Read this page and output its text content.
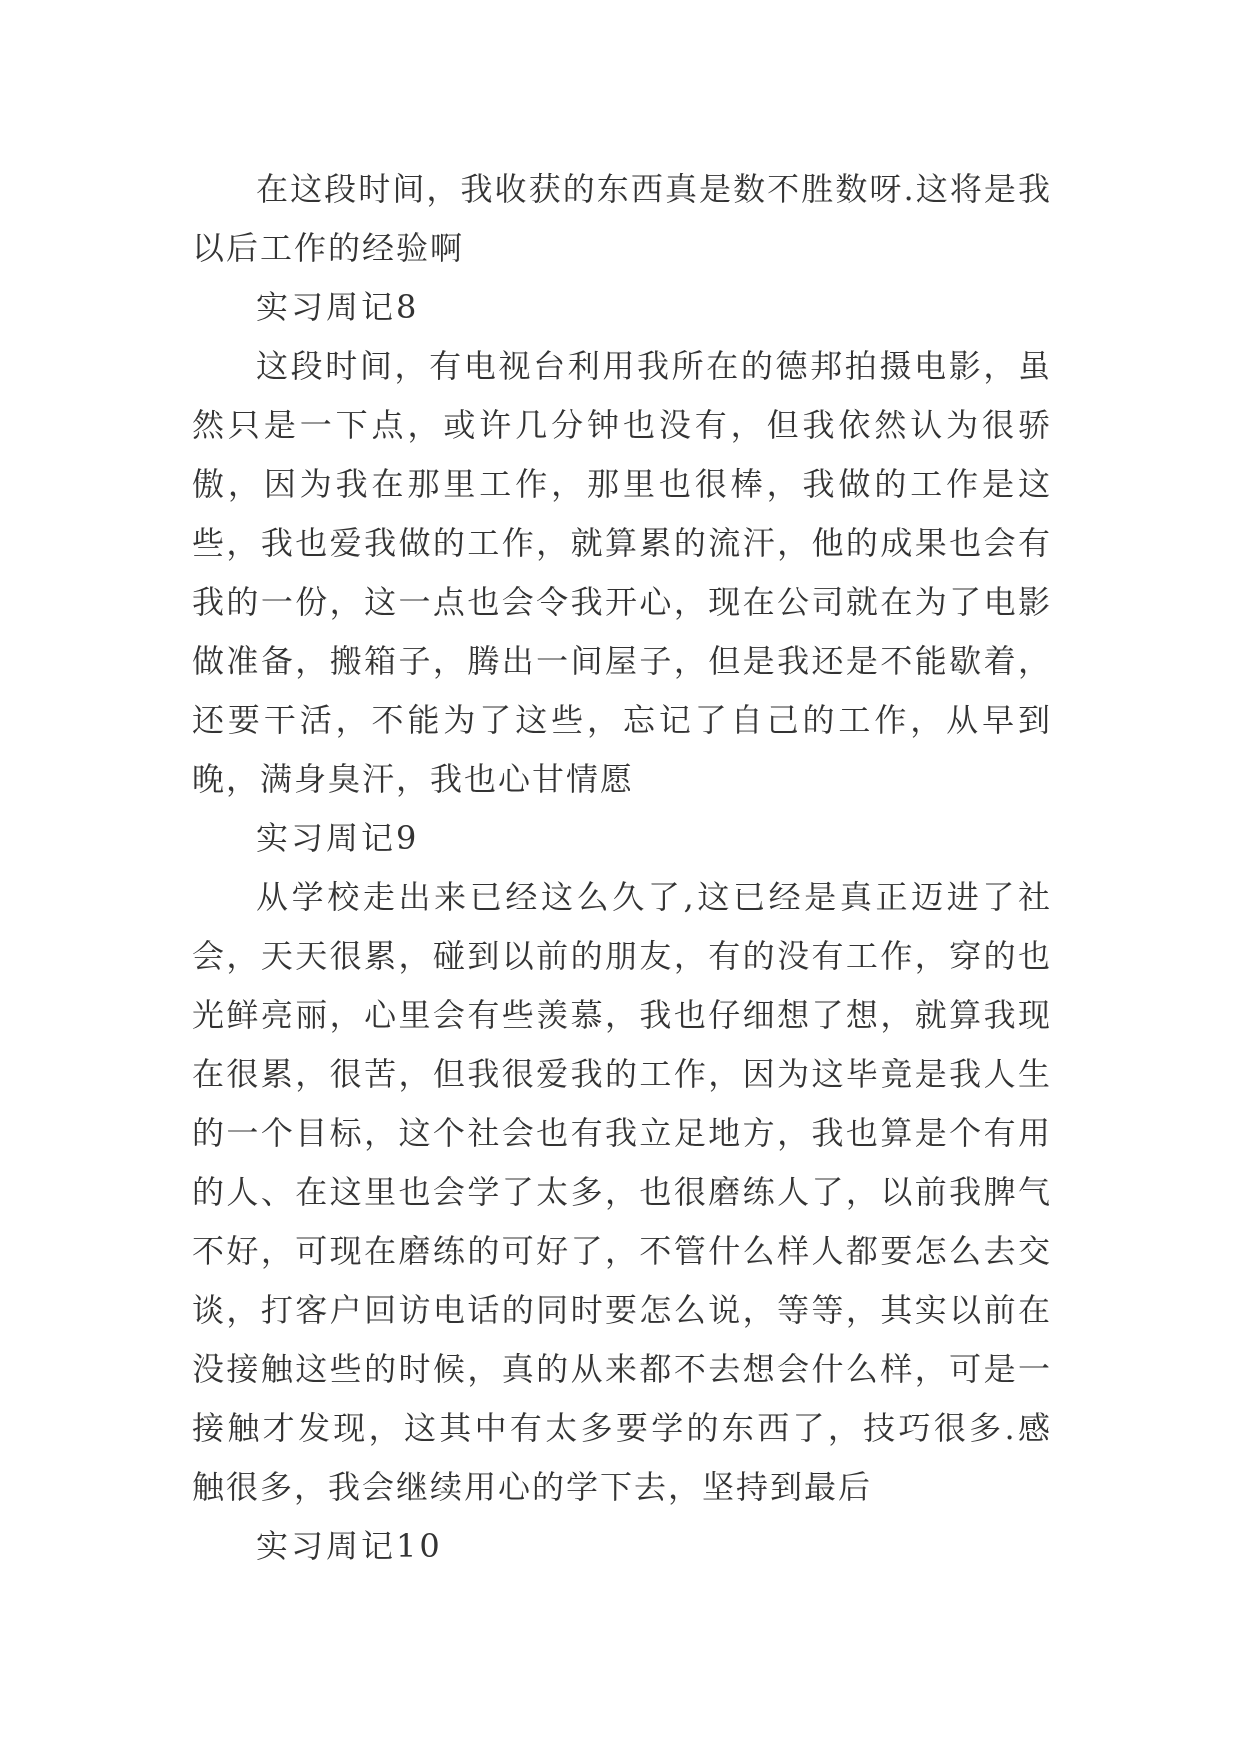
在这段时间，我收获的东西真是数不胜数呀.这将是我以后工作的经验啊

实习周记8

这段时间，有电视台利用我所在的德邦拍摄电影，虽然只是一下点，或许几分钟也没有，但我依然认为很骄傲，因为我在那里工作，那里也很棒，我做的工作是这些，我也爱我做的工作，就算累的流汗，他的成果也会有我的一份，这一点也会令我开心，现在公司就在为了电影做准备，搬箱子，腾出一间屋子，但是我还是不能歇着，还要干活，不能为了这些，忘记了自己的工作，从早到晚，满身臭汗，我也心甘情愿

实习周记9

从学校走出来已经这么久了,这已经是真正迈进了社会，天天很累，碰到以前的朋友，有的没有工作，穿的也光鲜亮丽，心里会有些羡慕，我也仔细想了想，就算我现在很累，很苦，但我很爱我的工作，因为这毕竟是我人生的一个目标，这个社会也有我立足地方，我也算是个有用的人、在这里也会学了太多，也很磨练人了，以前我脾气不好，可现在磨练的可好了，不管什么样人都要怎么去交谈，打客户回访电话的同时要怎么说，等等，其实以前在没接触这些的时候，真的从来都不去想会什么样，可是一接触才发现，这其中有太多要学的东西了，技巧很多.感触很多，我会继续用心的学下去，坚持到最后

实习周记10
